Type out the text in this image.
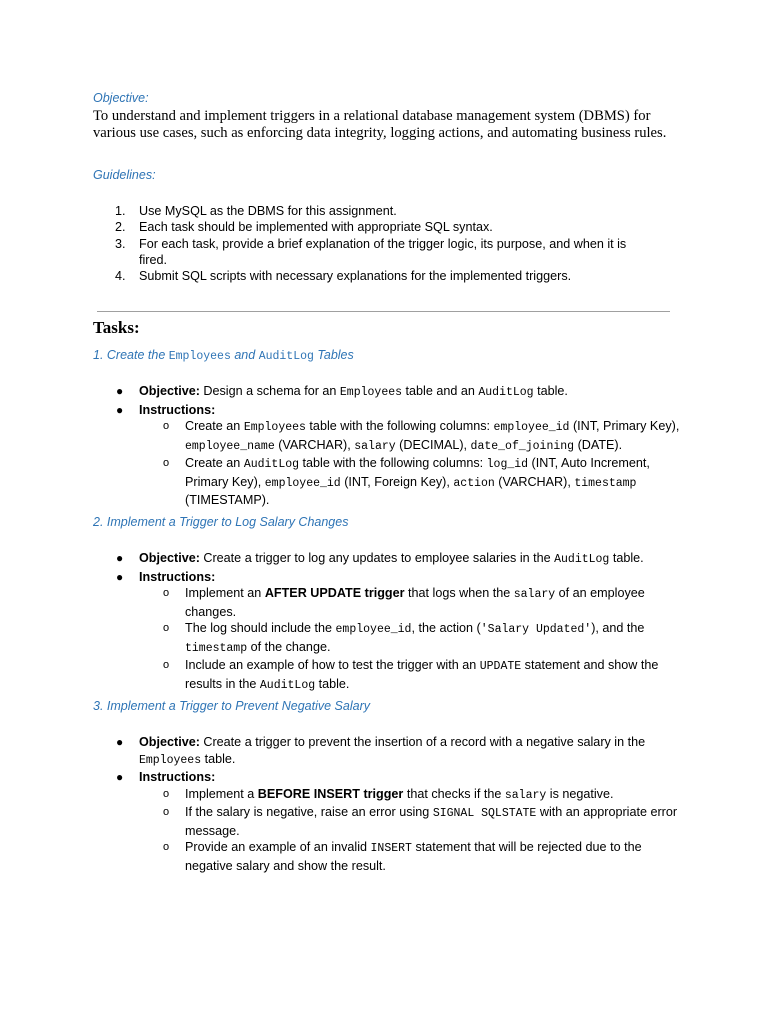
Objective:

To understand and implement triggers in a relational database management system (DBMS) for various use cases, such as enforcing data integrity, logging actions, and automating business rules.

Guidelines:
1. Use MySQL as the DBMS for this assignment.
2. Each task should be implemented with appropriate SQL syntax.
3. For each task, provide a brief explanation of the trigger logic, its purpose, and when it is fired.
4. Submit SQL scripts with necessary explanations for the implemented triggers.
Tasks:
1. Create the Employees and AuditLog Tables
● Objective: Design a schema for an Employees table and an AuditLog table.
● Instructions:
o Create an Employees table with the following columns: employee_id (INT, Primary Key), employee_name (VARCHAR), salary (DECIMAL), date_of_joining (DATE).
o Create an AuditLog table with the following columns: log_id (INT, Auto Increment, Primary Key), employee_id (INT, Foreign Key), action (VARCHAR), timestamp (TIMESTAMP).
2. Implement a Trigger to Log Salary Changes
● Objective: Create a trigger to log any updates to employee salaries in the AuditLog table.
● Instructions:
o Implement an AFTER UPDATE trigger that logs when the salary of an employee changes.
o The log should include the employee_id, the action ('Salary Updated'), and the timestamp of the change.
o Include an example of how to test the trigger with an UPDATE statement and show the results in the AuditLog table.
3. Implement a Trigger to Prevent Negative Salary
● Objective: Create a trigger to prevent the insertion of a record with a negative salary in the Employees table.
● Instructions:
o Implement a BEFORE INSERT trigger that checks if the salary is negative.
o If the salary is negative, raise an error using SIGNAL SQLSTATE with an appropriate error message.
o Provide an example of an invalid INSERT statement that will be rejected due to the negative salary and show the result.
